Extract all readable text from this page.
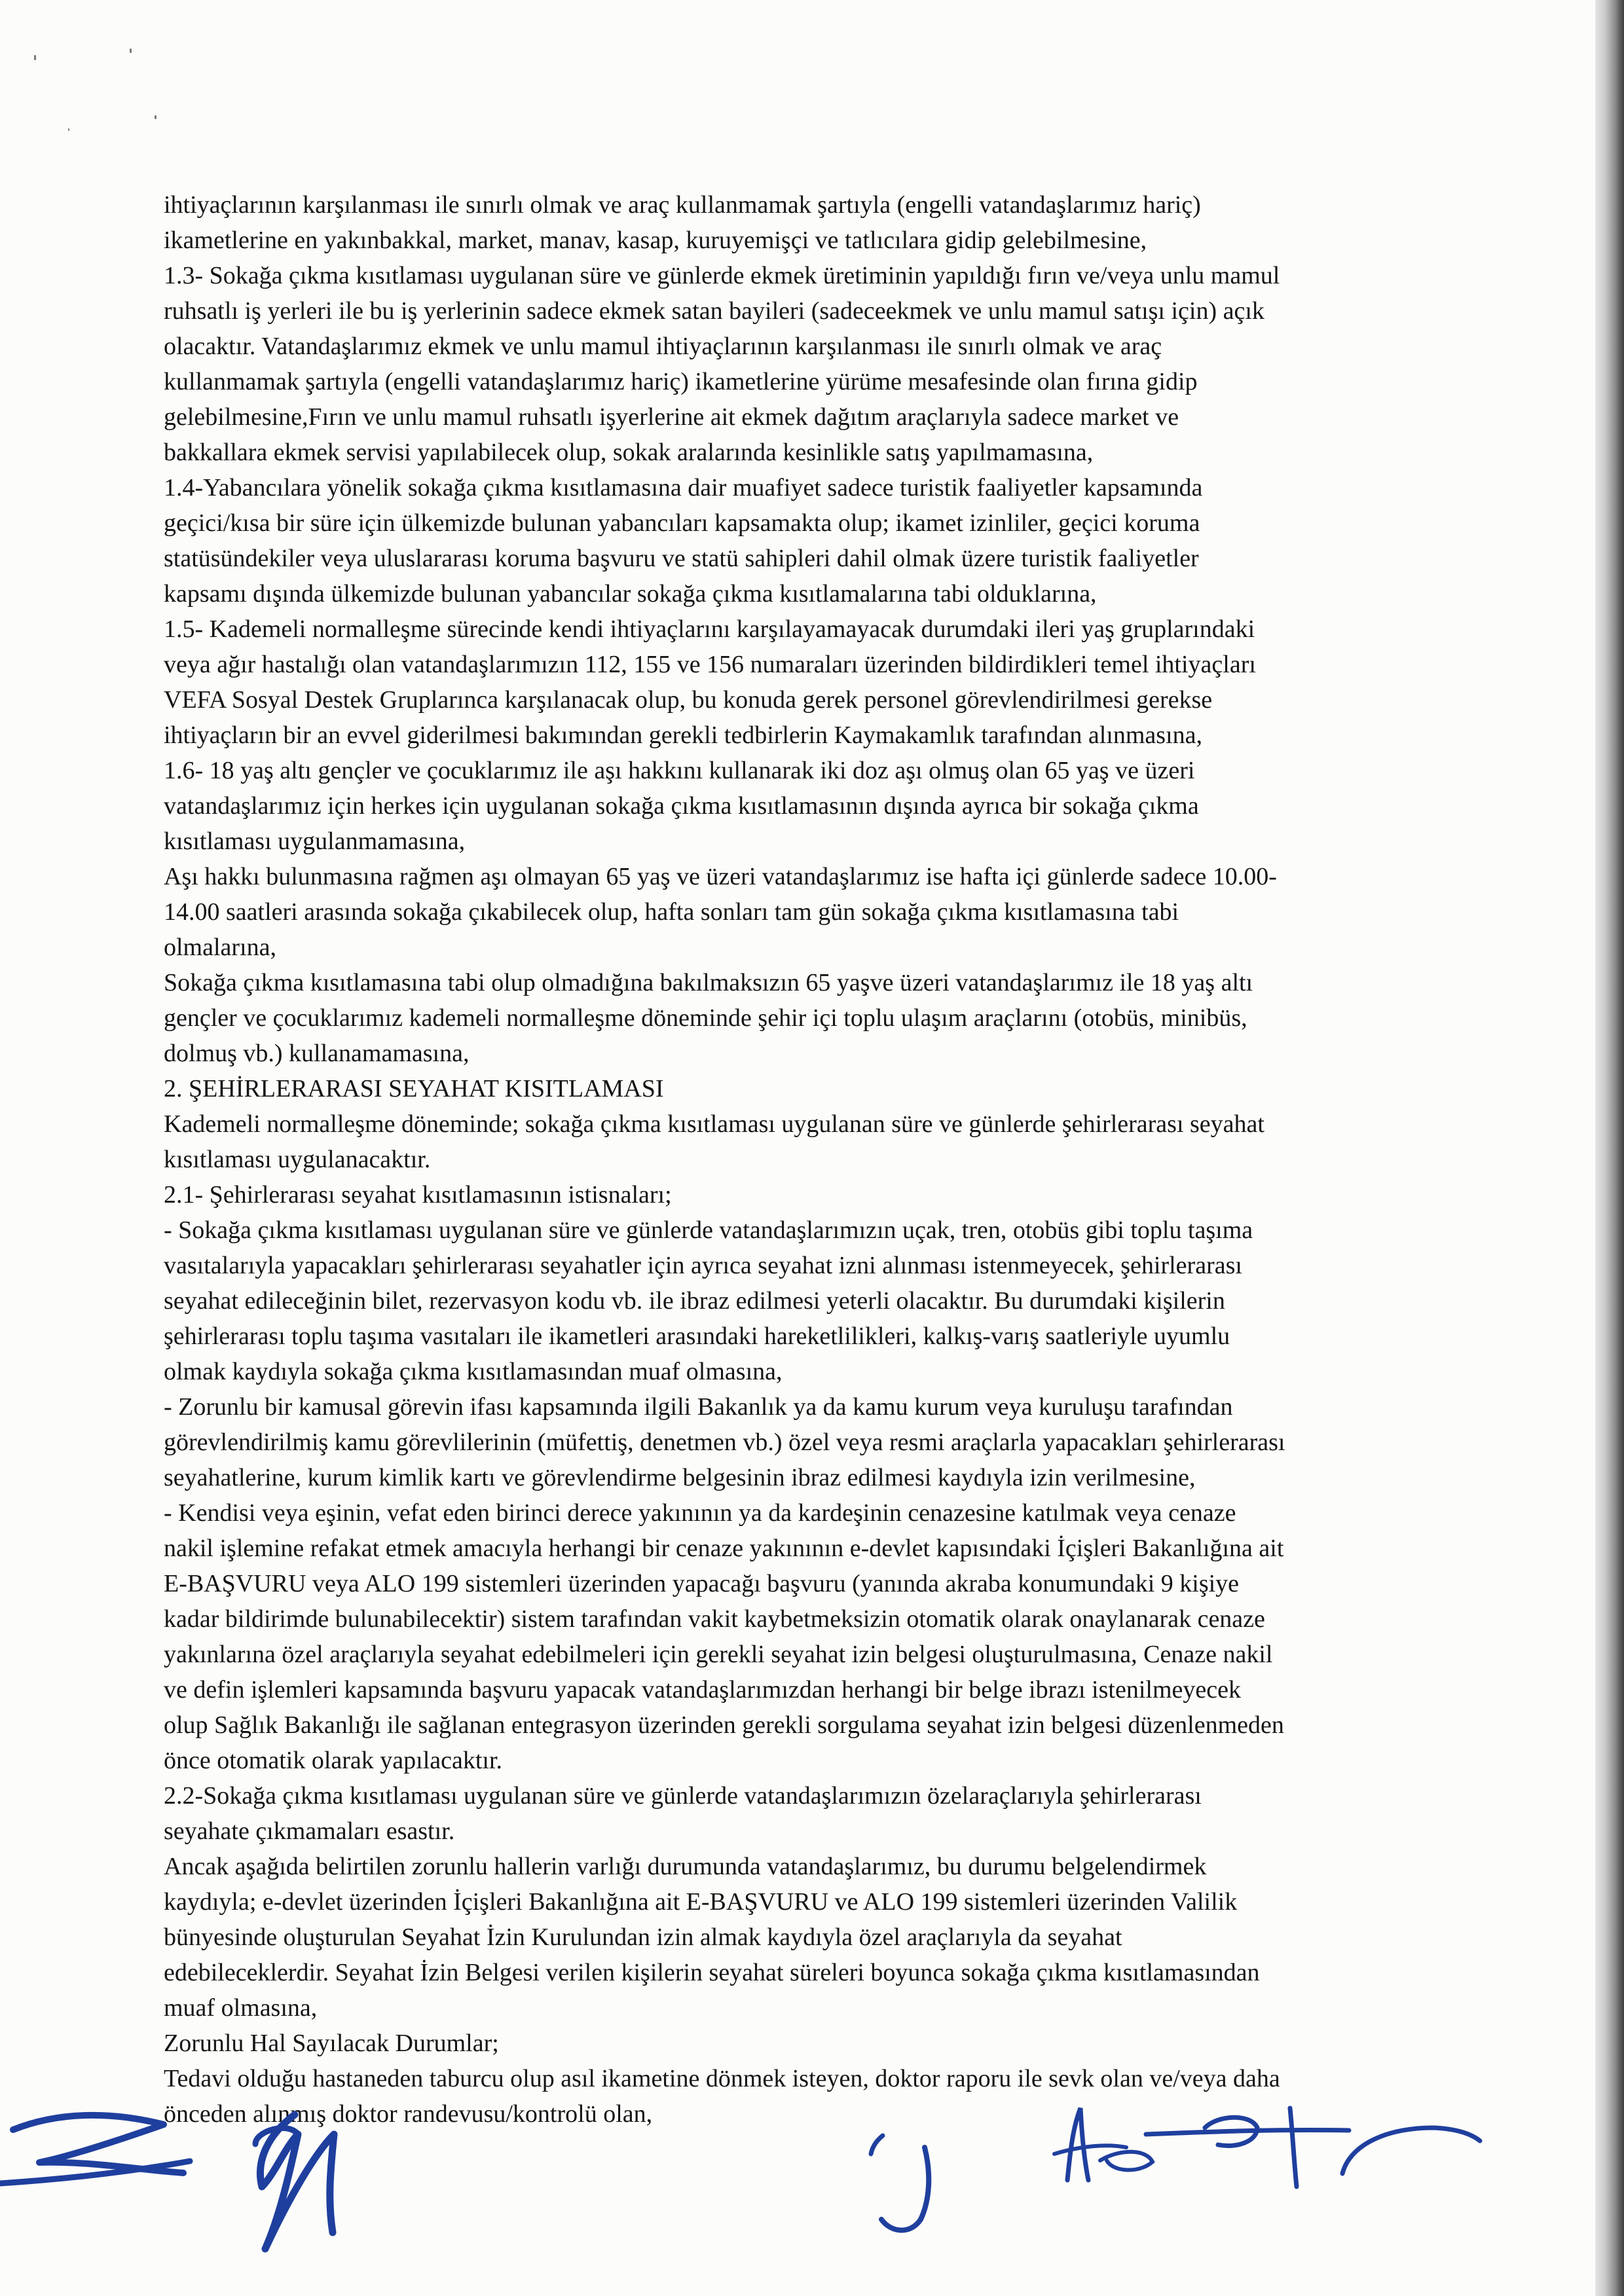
ihtiyaçlarının karşılanması ile sınırlı olmak ve araç kullanmamak şartıyla (engelli vatandaşlarımız hariç)
ikametlerine en yakınbakkal, market, manav, kasap, kuruyemişçi ve tatlıcılara gidip gelebilmesine,
1.3- Sokağa çıkma kısıtlaması uygulanan süre ve günlerde ekmek üretiminin yapıldığı fırın ve/veya unlu mamul
ruhsatlı iş yerleri ile bu iş yerlerinin sadece ekmek satan bayileri (sadeceekmek ve unlu mamul satışı için) açık
olacaktır. Vatandaşlarımız ekmek ve unlu mamul ihtiyaçlarının karşılanması ile sınırlı olmak ve araç
kullanmamak şartıyla (engelli vatandaşlarımız hariç) ikametlerine yürüme mesafesinde olan fırına gidip
gelebilmesine,Fırın ve unlu mamul ruhsatlı işyerlerine ait ekmek dağıtım araçlarıyla sadece market ve
bakkallara ekmek servisi yapılabilecek olup, sokak aralarında kesinlikle satış yapılmamasına,
1.4-Yabancılara yönelik sokağa çıkma kısıtlamasına dair muafiyet sadece turistik faaliyetler kapsamında
geçici/kısa bir süre için ülkemizde bulunan yabancıları kapsamakta olup; ikamet izinliler, geçici koruma
statüsündekiler veya uluslararası koruma başvuru ve statü sahipleri dahil olmak üzere turistik faaliyetler
kapsamı dışında ülkemizde bulunan yabancılar sokağa çıkma kısıtlamalarına tabi olduklarına,
1.5- Kademeli normalleşme sürecinde kendi ihtiyaçlarını karşılayamayacak durumdaki ileri yaş gruplarındaki
veya ağır hastalığı olan vatandaşlarımızın 112, 155 ve 156 numaraları üzerinden bildirdikleri temel ihtiyaçları
VEFA Sosyal Destek Gruplarınca karşılanacak olup, bu konuda gerek personel görevlendirilmesi gerekse
ihtiyaçların bir an evvel giderilmesi bakımından gerekli tedbirlerin Kaymakamlık tarafından alınmasına,
1.6- 18 yaş altı gençler ve çocuklarımız ile aşı hakkını kullanarak iki doz aşı olmuş olan 65 yaş ve üzeri
vatandaşlarımız için herkes için uygulanan sokağa çıkma kısıtlamasının dışında ayrıca bir sokağa çıkma
kısıtlaması uygulanmamasına,
Aşı hakkı bulunmasına rağmen aşı olmayan 65 yaş ve üzeri vatandaşlarımız ise hafta içi günlerde sadece 10.00-
14.00 saatleri arasında sokağa çıkabilecek olup, hafta sonları tam gün sokağa çıkma kısıtlamasına tabi
olmalarına,
Sokağa çıkma kısıtlamasına tabi olup olmadığına bakılmaksızın 65 yaşve üzeri vatandaşlarımız ile 18 yaş altı
gençler ve çocuklarımız kademeli normalleşme döneminde şehir içi toplu ulaşım araçlarını (otobüs, minibüs,
dolmuş vb.) kullanamamasına,
2. ŞEHİRLERARASI SEYAHAT KISITLAMASI
Kademeli normalleşme döneminde; sokağa çıkma kısıtlaması uygulanan süre ve günlerde şehirlerarası seyahat
kısıtlaması uygulanacaktır.
2.1- Şehirlerarası seyahat kısıtlamasının istisnaları;
- Sokağa çıkma kısıtlaması uygulanan süre ve günlerde vatandaşlarımızın uçak, tren, otobüs gibi toplu taşıma
vasıtalarıyla yapacakları şehirlerarası seyahatler için ayrıca seyahat izni alınması istenmeyecek, şehirlerarası
seyahat edileceğinin bilet, rezervasyon kodu vb. ile ibraz edilmesi yeterli olacaktır. Bu durumdaki kişilerin
şehirlerarası toplu taşıma vasıtaları ile ikametleri arasındaki hareketlilikleri, kalkış-varış saatleriyle uyumlu
olmak kaydıyla sokağa çıkma kısıtlamasından muaf olmasına,
- Zorunlu bir kamusal görevin ifası kapsamında ilgili Bakanlık ya da kamu kurum veya kuruluşu tarafından
görevlendirilmiş kamu görevlilerinin (müfettiş, denetmen vb.) özel veya resmi araçlarla yapacakları şehirlerarası
seyahatlerine, kurum kimlik kartı ve görevlendirme belgesinin ibraz edilmesi kaydıyla izin verilmesine,
- Kendisi veya eşinin, vefat eden birinci derece yakınının ya da kardeşinin cenazesine katılmak veya cenaze
nakil işlemine refakat etmek amacıyla herhangi bir cenaze yakınının e-devlet kapısındaki İçişleri Bakanlığına ait
E-BAŞVURU veya ALO 199 sistemleri üzerinden yapacağı başvuru (yanında akraba konumundaki 9 kişiye
kadar bildirimde bulunabilecektir) sistem tarafından vakit kaybetmeksizin otomatik olarak onaylanarak cenaze
yakınlarına özel araçlarıyla seyahat edebilmeleri için gerekli seyahat izin belgesi oluşturulmasına, Cenaze nakil
ve defin işlemleri kapsamında başvuru yapacak vatandaşlarımızdan herhangi bir belge ibrazı istenilmeyecek
olup Sağlık Bakanlığı ile sağlanan entegrasyon üzerinden gerekli sorgulama seyahat izin belgesi düzenlenmeden
önce otomatik olarak yapılacaktır.
2.2-Sokağa çıkma kısıtlaması uygulanan süre ve günlerde vatandaşlarımızın özelaraçlarıyla şehirlerarası
seyahate çıkmamaları esastır.
Ancak aşağıda belirtilen zorunlu hallerin varlığı durumunda vatandaşlarımız, bu durumu belgelendirmek
kaydıyla; e-devlet üzerinden İçişleri Bakanlığına ait E-BAŞVURU ve ALO 199 sistemleri üzerinden Valilik
bünyesinde oluşturulan Seyahat İzin Kurulundan izin almak kaydıyla özel araçlarıyla da seyahat
edebileceklerdir. Seyahat İzin Belgesi verilen kişilerin seyahat süreleri boyunca sokağa çıkma kısıtlamasından
muaf olmasına,
Zorunlu Hal Sayılacak Durumlar;
Tedavi olduğu hastaneden taburcu olup asıl ikametine dönmek isteyen, doktor raporu ile sevk olan ve/veya daha
önceden alınmış doktor randevusu/kontrolü olan,
